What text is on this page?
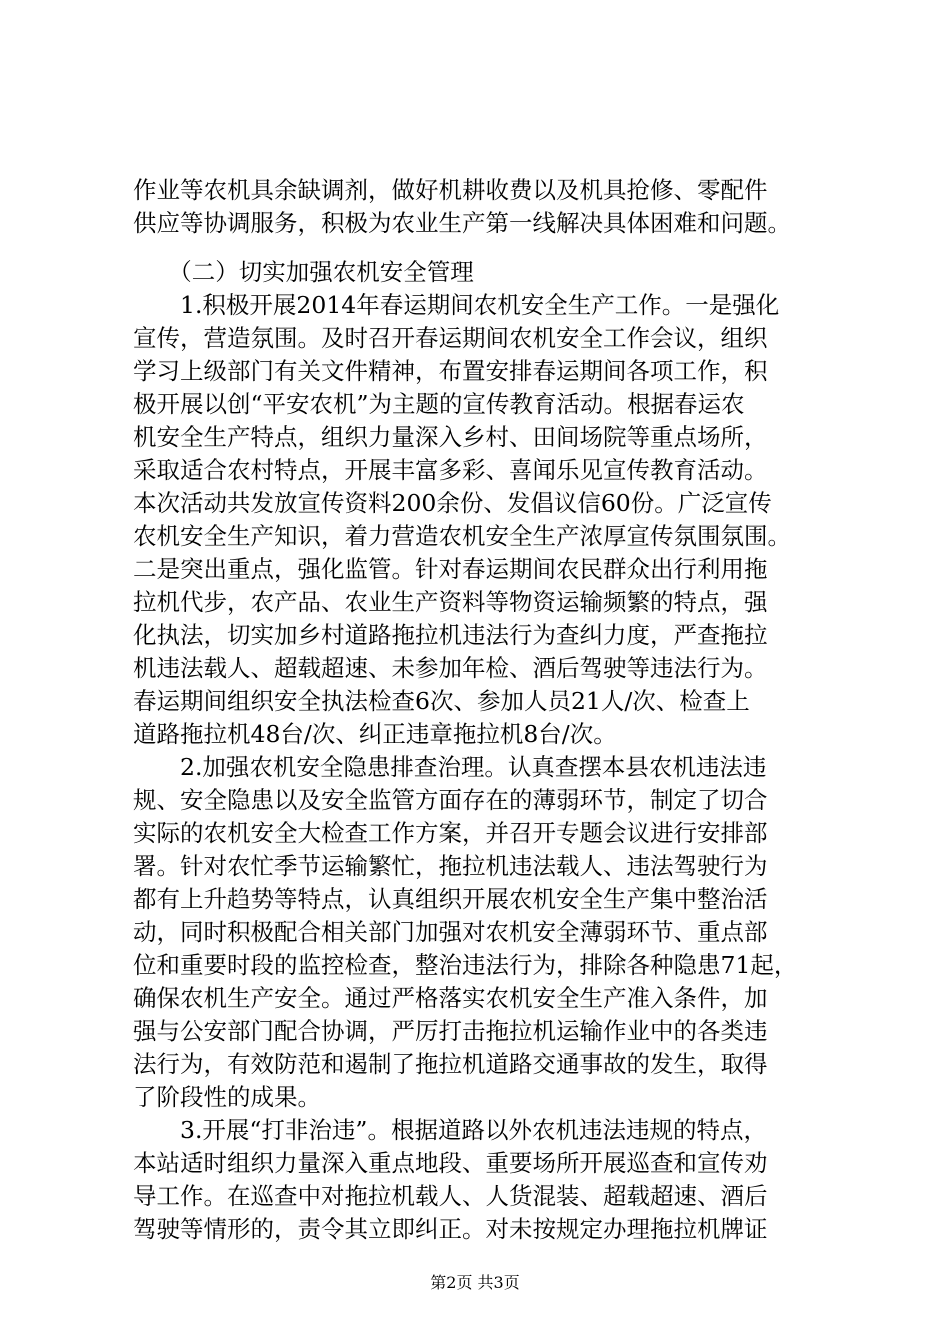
作业等农机具余缺调剂，做好机耕收费以及机具抢修、零配件
供应等协调服务，积极为农业生产第一线解决具体困难和问题。
　　（二）切实加强农机安全管理
　　1.积极开展2014年春运期间农机安全生产工作。一是强化
宣传，营造氛围。及时召开春运期间农机安全工作会议，组织
学习上级部门有关文件精神，布置安排春运期间各项工作，积
极开展以创“平安农机”为主题的宣传教育活动。根据春运农
机安全生产特点，组织力量深入乡村、田间场院等重点场所，
采取适合农村特点，开展丰富多彩、喜闻乐见宣传教育活动。
本次活动共发放宣传资料200余份、发倡议信60份。广泛宣传
农机安全生产知识，着力营造农机安全生产浓厚宣传氛围氛围。
二是突出重点，强化监管。针对春运期间农民群众出行利用拖
拉机代步，农产品、农业生产资料等物资运输频繁的特点，强
化执法，切实加乡村道路拖拉机违法行为查纠力度，严查拖拉
机违法载人、超载超速、未参加年检、酒后驾驶等违法行为。
春运期间组织安全执法检查6次、参加人员21人/次、检查上
道路拖拉机48台/次、纠正违章拖拉机8台/次。
　　2.加强农机安全隐患排查治理。认真查摆本县农机违法违
规、安全隐患以及安全监管方面存在的薄弱环节，制定了切合
实际的农机安全大检查工作方案，并召开专题会议进行安排部
署。针对农忙季节运输繁忙，拖拉机违法载人、违法驾驶行为
都有上升趋势等特点，认真组织开展农机安全生产集中整治活
动，同时积极配合相关部门加强对农机安全薄弱环节、重点部
位和重要时段的监控检查，整治违法行为，排除各种隐患71起，
确保农机生产安全。通过严格落实农机安全生产准入条件，加
强与公安部门配合协调，严厉打击拖拉机运输作业中的各类违
法行为，有效防范和遏制了拖拉机道路交通事故的发生，取得
了阶段性的成果。
　　3.开展“打非治违”。根据道路以外农机违法违规的特点，
本站适时组织力量深入重点地段、重要场所开展巡查和宣传劝
导工作。在巡查中对拖拉机载人、人货混装、超载超速、酒后
驾驶等情形的，责令其立即纠正。对未按规定办理拖拉机牌证
第2页 共3页
